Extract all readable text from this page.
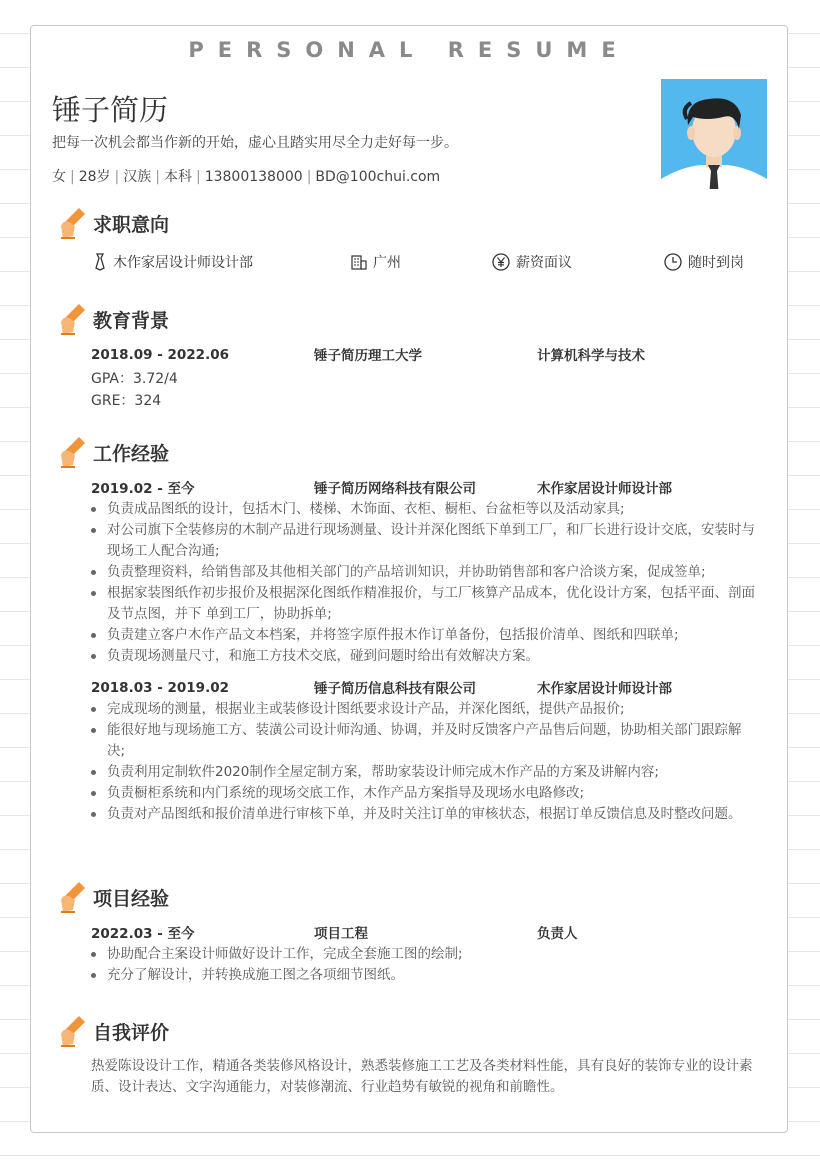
PERSONAL RESUME
锤子简历
把每一次机会都当作新的开始，虚心且踏实用尽全力走好每一步。
女 | 28岁 | 汉族 | 本科 | 13800138000 | BD@100chui.com
求职意向
木作家居设计师设计部	广州	薪资面议	随时到岗
教育背景
2018.09 - 2022.06	锤子简历理工大学	计算机科学与技术
GPA：3.72/4
GRE：324
工作经验
2019.02 - 至今	锤子简历网络科技有限公司	木作家居设计师设计部
负责成品图纸的设计，包括木门、楼梯、木饰面、衣柜、橱柜、台盆柜等以及活动家具;
对公司旗下全装修房的木制产品进行现场测量、设计并深化图纸下单到工厂，和厂长进行设计交底，安装时与现场工人配合沟通;
负责整理资料，给销售部及其他相关部门的产品培训知识，并协助销售部和客户洽谈方案，促成签单;
根据家装图纸作初步报价及根据深化图纸作精准报价，与工厂核算产品成本，优化设计方案，包括平面、剖面及节点图，并下 单到工厂，协助拆单;
负责建立客户木作产品文本档案，并将签字原件报木作订单备份，包括报价清单、图纸和四联单;
负责现场测量尺寸，和施工方技术交底，碰到问题时给出有效解决方案。
2018.03 - 2019.02	锤子简历信息科技有限公司	木作家居设计师设计部
完成现场的测量，根据业主或装修设计图纸要求设计产品，并深化图纸，提供产品报价;
能很好地与现场施工方、装潢公司设计师沟通、协调，并及时反馈客户产品售后问题，协助相关部门跟踪解决;
负责利用定制软件2020制作全屋定制方案，帮助家装设计师完成木作产品的方案及讲解内容;
负责橱柜系统和内门系统的现场交底工作，木作产品方案指导及现场水电路修改;
负责对产品图纸和报价清单进行审核下单，并及时关注订单的审核状态，根据订单反馈信息及时整改问题。
项目经验
2022.03 - 至今	项目工程	负责人
协助配合主案设计师做好设计工作，完成全套施工图的绘制;
充分了解设计，并转换成施工图之各项细节图纸。
自我评价
热爱陈设设计工作，精通各类装修风格设计，熟悉装修施工工艺及各类材料性能，具有良好的装饰专业的设计素质、设计表达、文字沟通能力，对装修潮流、行业趋势有敏锐的视角和前瞻性。
